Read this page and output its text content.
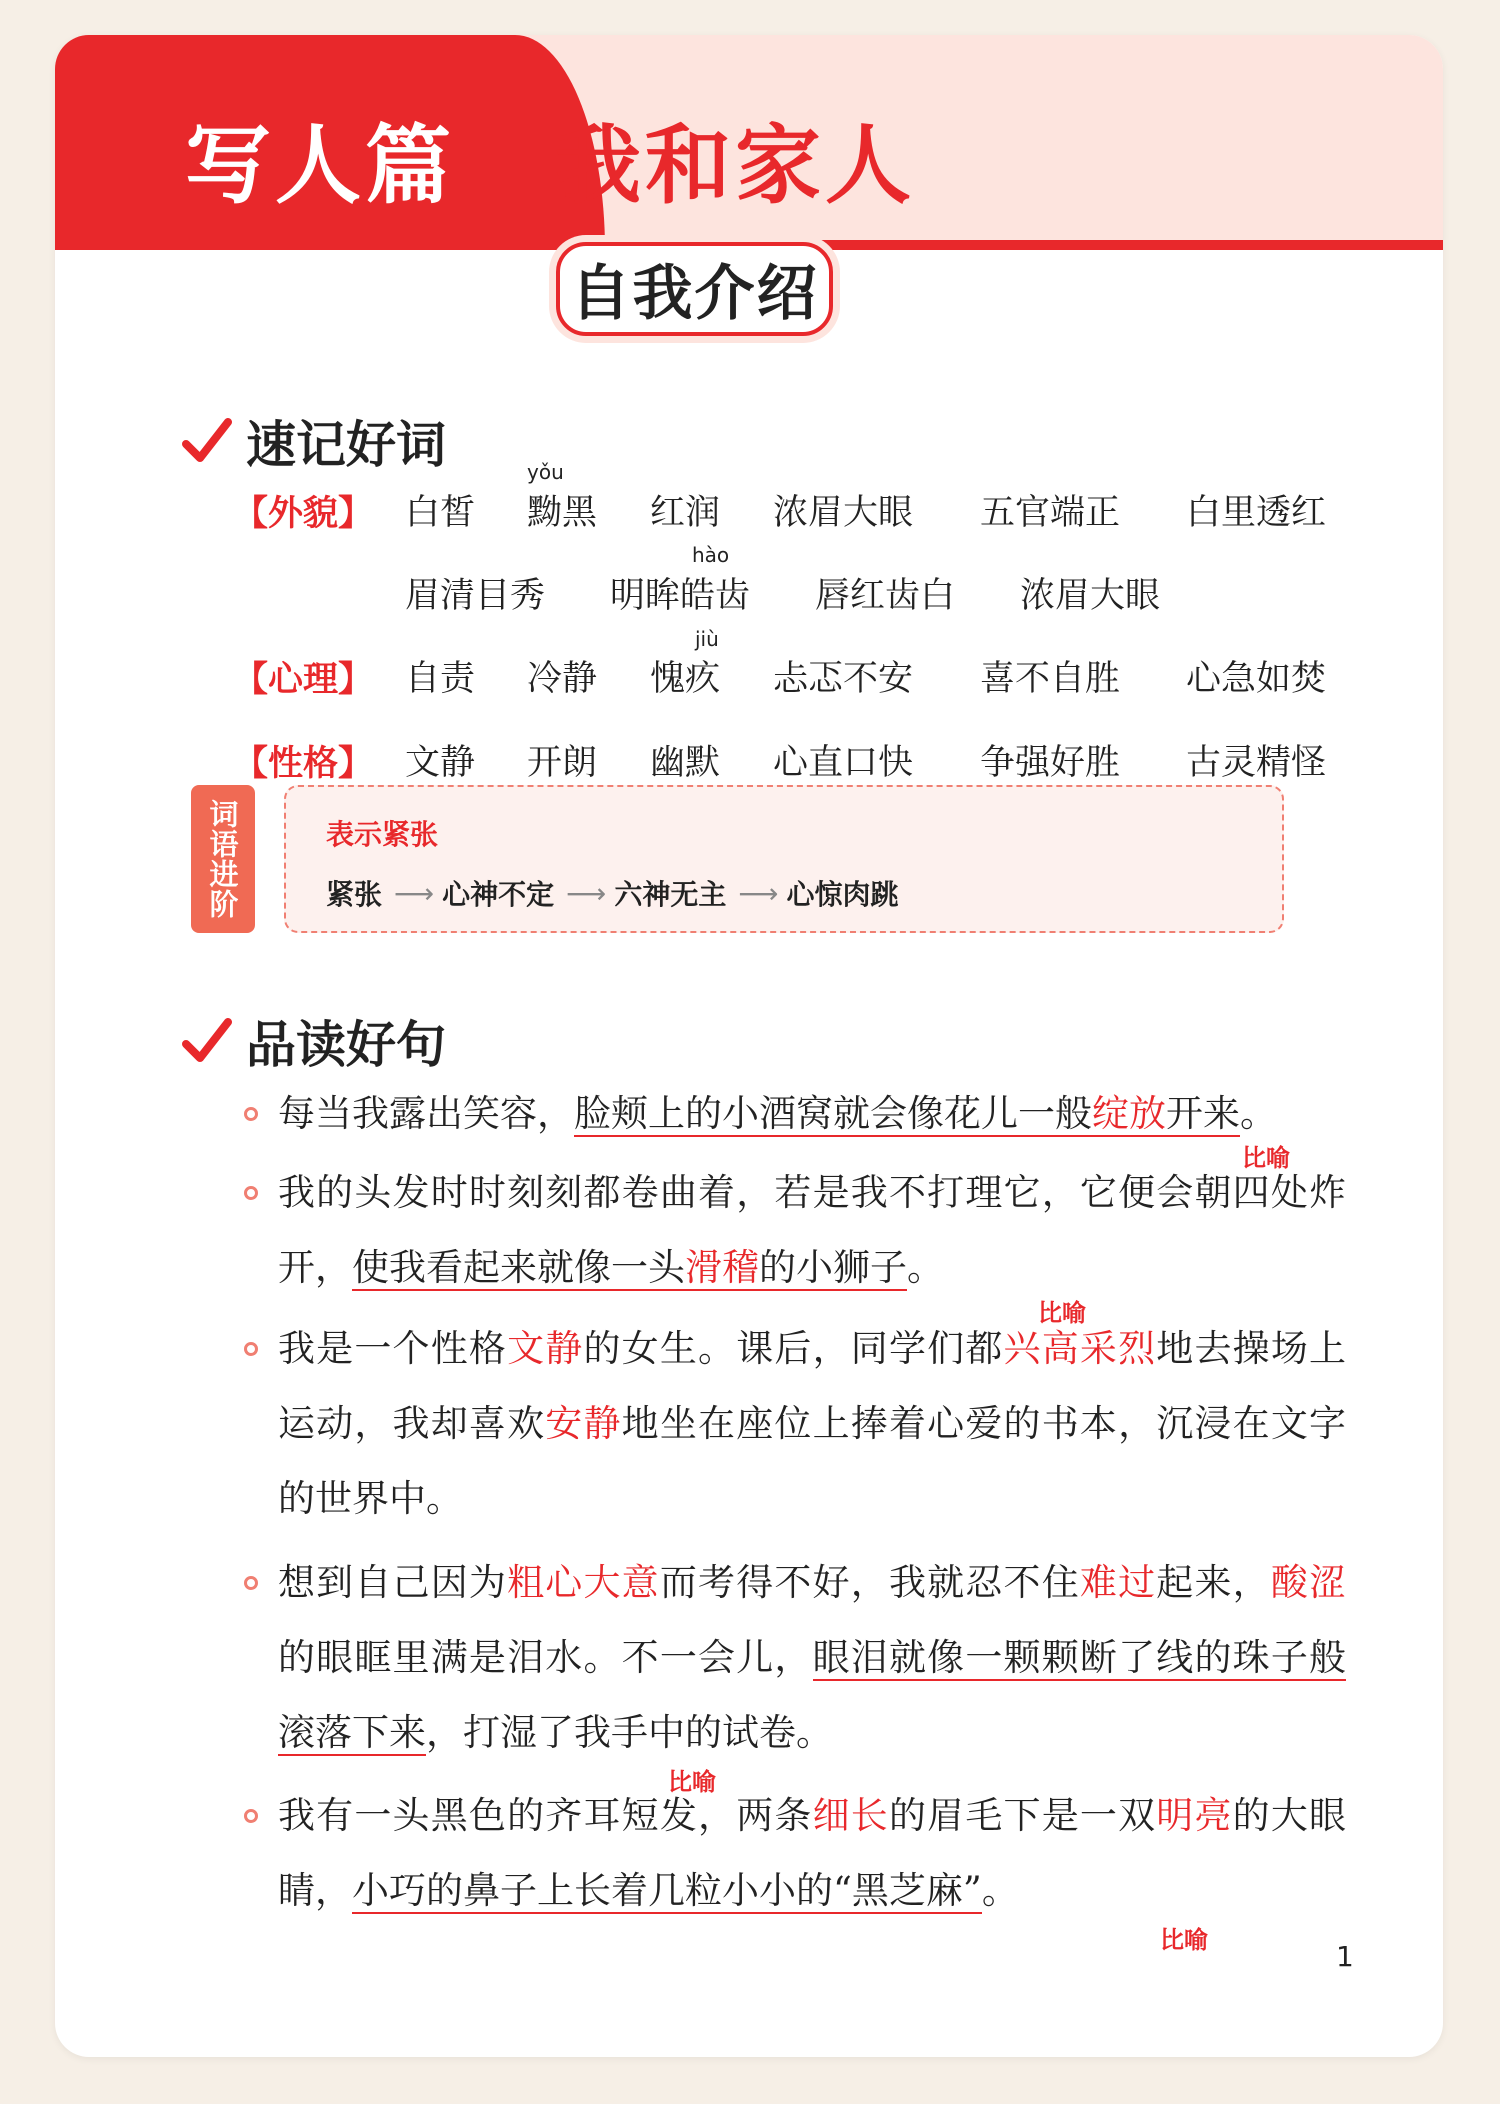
写人篇 我和家人
自我介绍
速记好词
【外貌】
yǒu
白皙 黝黑 红润 浓眉大眼 五官端正 白里透红
hào
眉清目秀 明眸皓齿 唇红齿白 浓眉大眼
【心理】
jiù
自责 冷静 愧疚 忐忑不安 喜不自胜 心急如焚
【性格】 文静 开朗 幽默 心直口快 争强好胜 古灵精怪
词语进阶	表示紧张
紧张 ⟶ 心神不定 ⟶ 六神无主 ⟶ 心惊肉跳
品读好句
每当我露出笑容，脸颊上的小酒窝就会像花儿一般绽放开来。
比喻
我的头发时时刻刻都卷曲着，若是我不打理它，它便会朝四处炸开，使我看起来就像一头滑稽的小狮子。
比喻
我是一个性格文静的女生。课后，同学们都兴高采烈地去操场上运动，我却喜欢安静地坐在座位上捧着心爱的书本，沉浸在文字的世界中。
想到自己因为粗心大意而考得不好，我就忍不住难过起来，酸涩的眼眶里满是泪水。不一会儿，眼泪就像一颗颗断了线的珠子般滚落下来，打湿了我手中的试卷。
比喻
我有一头黑色的齐耳短发，两条细长的眉毛下是一双明亮的大眼睛，小巧的鼻子上长着几粒小小的“黑芝麻”。
比喻	1
